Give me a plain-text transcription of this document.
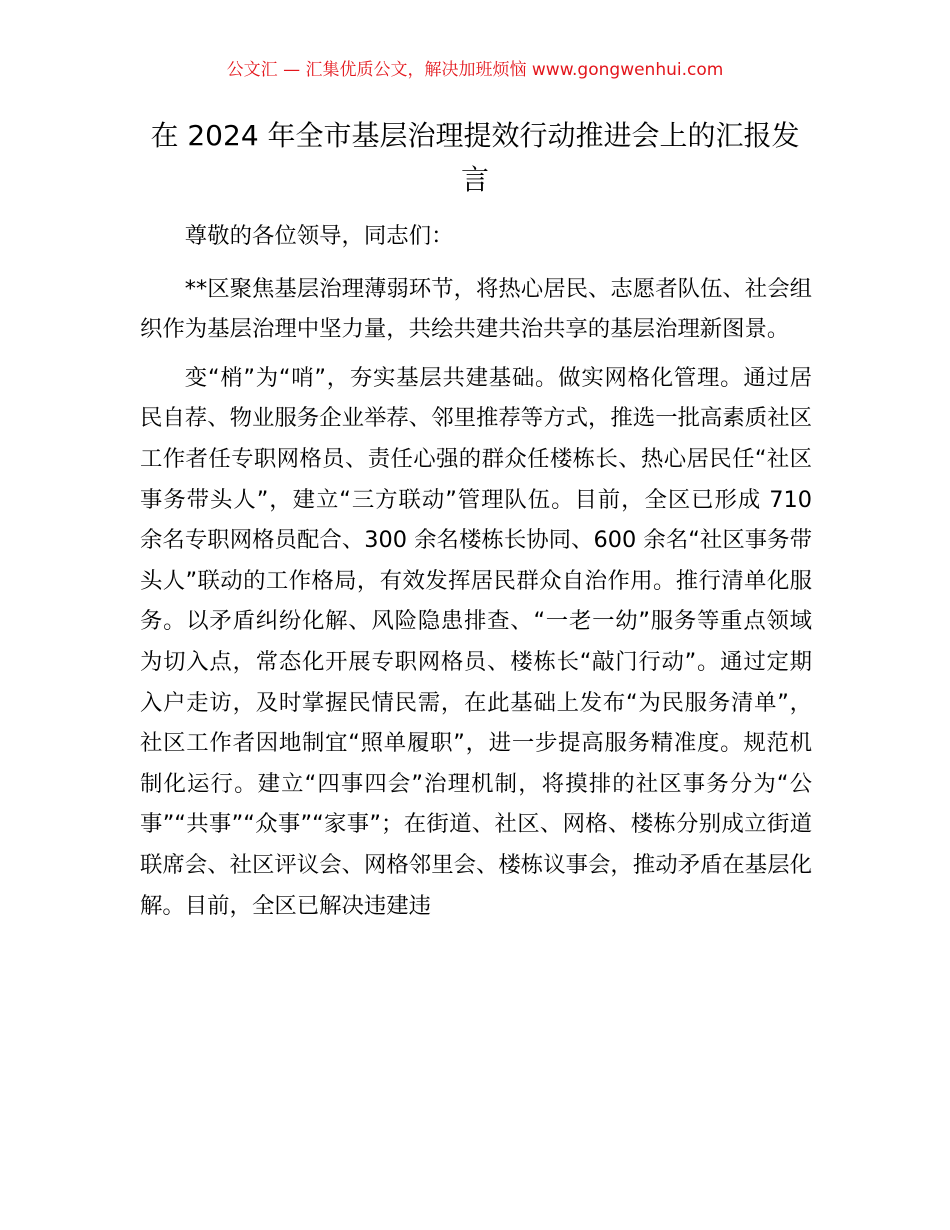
公文汇 — 汇集优质公文，解决加班烦恼 www.gongwenhui.com
在 2024 年全市基层治理提效行动推进会上的汇报发言

尊敬的各位领导，同志们：

**区聚焦基层治理薄弱环节，将热心居民、志愿者队伍、社会组织作为基层治理中坚力量，共绘共建共治共享的基层治理新图景。

变“梢”为“哨”，夯实基层共建基础。做实网格化管理。通过居民自荐、物业服务企业举荐、邻里推荐等方式，推选一批高素质社区工作者任专职网格员、责任心强的群众任楼栋长、热心居民任“社区事务带头人”，建立“三方联动”管理队伍。目前，全区已形成 710 余名专职网格员配合、300 余名楼栋长协同、600 余名“社区事务带头人”联动的工作格局，有效发挥居民群众自治作用。推行清单化服务。以矛盾纠纷化解、风险隐患排查、“一老一幼”服务等重点领域为切入点，常态化开展专职网格员、楼栋长“敲门行动”。通过定期入户走访，及时掌握民情民需，在此基础上发布“为民服务清单”，社区工作者因地制宜“照单履职”，进一步提高服务精准度。规范机制化运行。建立“四事四会”治理机制，将摸排的社区事务分为“公事”“共事”“众事”“家事”；在街道、社区、网格、楼栋分别成立街道联席会、社区评议会、网格邻里会、楼栋议事会，推动矛盾在基层化解。目前，全区已解决违建违
